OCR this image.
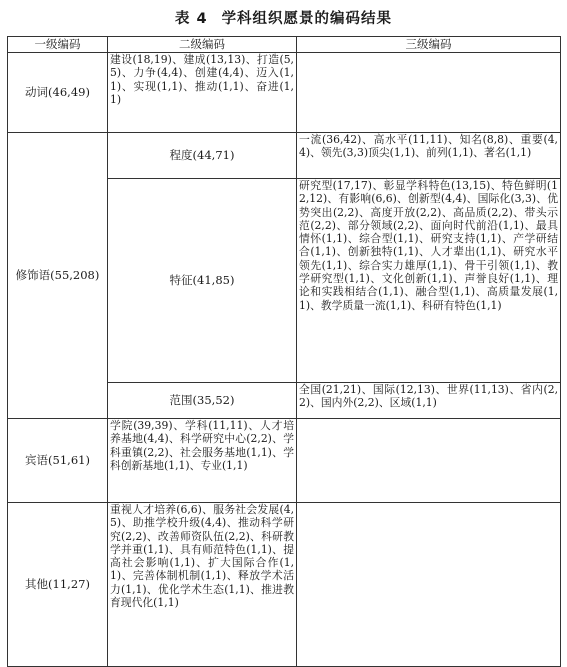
表 4 学科组织愿景的编码结果
一级编码	二级编码	三级编码
动词(46,49)	建设(18,19)、建成(13,13)、打造(5,5)、力争(4,4)、创建(4,4)、迈入(1,1)、实现(1,1)、推动(1,1)、奋进(1,1)	
修饰语(55,208)	程度(44,71)	一流(36,42)、高水平(11,11)、知名(8,8)、重要(4,4)、领先(3,3)顶尖(1,1)、前列(1,1)、著名(1,1)
	特征(41,85)	研究型(17,17)、彰显学科特色(13,15)、特色鲜明(12,12)、有影响(6,6)、创新型(4,4)、国际化(3,3)、优势突出(2,2)、高度开放(2,2)、高品质(2,2)、带头示范(2,2)、部分领域(2,2)、面向时代前沿(1,1)、最具情怀(1,1)、综合型(1,1)、研究支持(1,1)、产学研结合(1,1)、创新独特(1,1)、人才辈出(1,1)、研究水平领先(1,1)、综合实力雄厚(1,1)、骨干引领(1,1)、教学研究型(1,1)、文化创新(1,1)、声誉良好(1,1)、理论和实践相结合(1,1)、融合型(1,1)、高质量发展(1,1)、教学质量一流(1,1)、科研有特色(1,1)
	范围(35,52)	全国(21,21)、国际(12,13)、世界(11,13)、省内(2,2)、国内外(2,2)、区域(1,1)
宾语(51,61)	学院(39,39)、学科(11,11)、人才培养基地(4,4)、科学研究中心(2,2)、学科重镇(2,2)、社会服务基地(1,1)、学科创新基地(1,1)、专业(1,1)	
其他(11,27)	重视人才培养(6,6)、服务社会发展(4,5)、助推学校升级(4,4)、推动科学研究(2,2)、改善师资队伍(2,2)、科研教学并重(1,1)、具有师范特色(1,1)、提高社会影响(1,1)、扩大国际合作(1,1)、完善体制机制(1,1)、释放学术活力(1,1)、优化学术生态(1,1)、推进教育现代化(1,1)	
